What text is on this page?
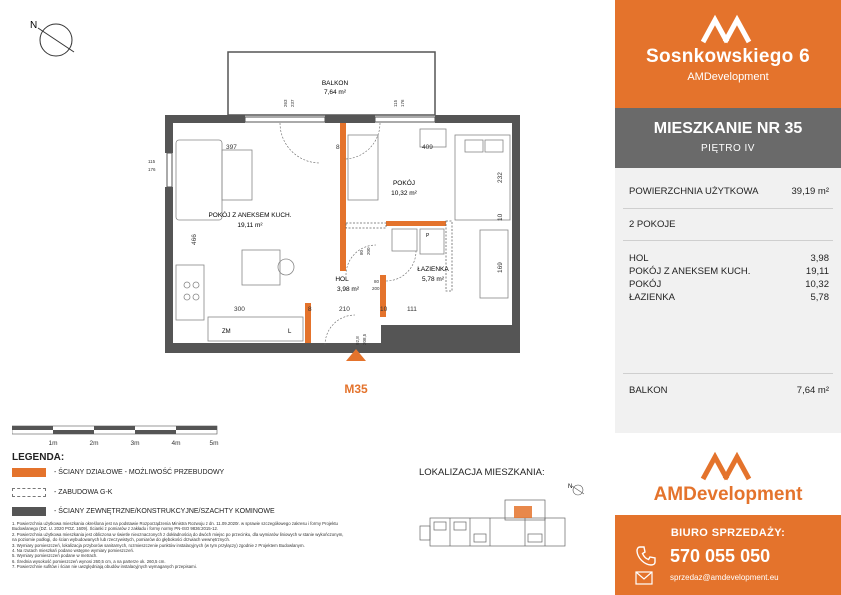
N
BALKON
7,64 m²
POKÓJ Z ANEKSEM KUCH.
19,11 m²
POKÓJ
10,32 m²
HOL
3,98 m²
ŁAZIENKA
5,78 m²
397	8	409
300	8	210	10	111
466
232
10
169
115
176
263 237	115 176
80 200
80
200
92,8 208,5
ZM	L
P
M35
1m	2m	3m	4m	5m
LEGENDA:
- ŚCIANY DZIAŁOWE - MOŻLIWOŚĆ PRZEBUDOWY
- ZABUDOWA G-K
- ŚCIANY ZEWNĘTRZNE/KONSTRUKCYJNE/SZACHTY KOMINOWE
1. Powierzchnia użytkowa mieszkania określona jest na podstawie Rozporządzenia Ministra Rozwoju z dn. 11.09.2020r. w sprawie szczegółowego zakresu i formy Projektu
Budowlanego (DZ. U. 2020 POZ. 1609). Ścianki z pomiarów z zakładu i formy normy PN-ISO 9836:2015-12.
2. Powierzchnia użytkowa mieszkania jest obliczona w świetle nieoznaczonych z dokładnością do dwóch miejsc po przecinku, dla wymiarów liniowych w stanie wykończonym,
na poziomie podłogi, do ścian wybudowanych lub rzeczywistych, pomiarów do głębokości drzwiach wewnętrznych.
3. Wymiary pomieszczeń, lokalizacja przyborów sanitarnych, rozmieszczenie punktów instalacyjnych (w tym przyłączy) zgodnie z Projektem Budowlanym.
4. Na rzutach mieszkań podano wstępne wymiary pomieszczeń.
5. Wymiary pomieszczeń podane w metrach.
6. Średnia wysokość pomieszczeń wynosi 260,5 cm, a na parterze ok. 260,5 cm.
7. Powierzchnie sufitów i ścian nie uwzględniają obudów instalacyjnych wymaganych przepisami.
LOKALIZACJA MIESZKANIA:
N
Sosnkowskiego 6
AMDevelopment
MIESZKANIE NR 35
PIĘTRO IV
POWIERZCHNIA UŻYTKOWA	39,19 m²
2 POKOJE
HOL	3,98
POKÓJ Z ANEKSEM KUCH.	19,11
POKÓJ	10,32
ŁAZIENKA	5,78
BALKON	7,64 m²
AMDevelopment
BIURO SPRZEDAŻY:
570 055 050
sprzedaz@amdevelopment.eu
